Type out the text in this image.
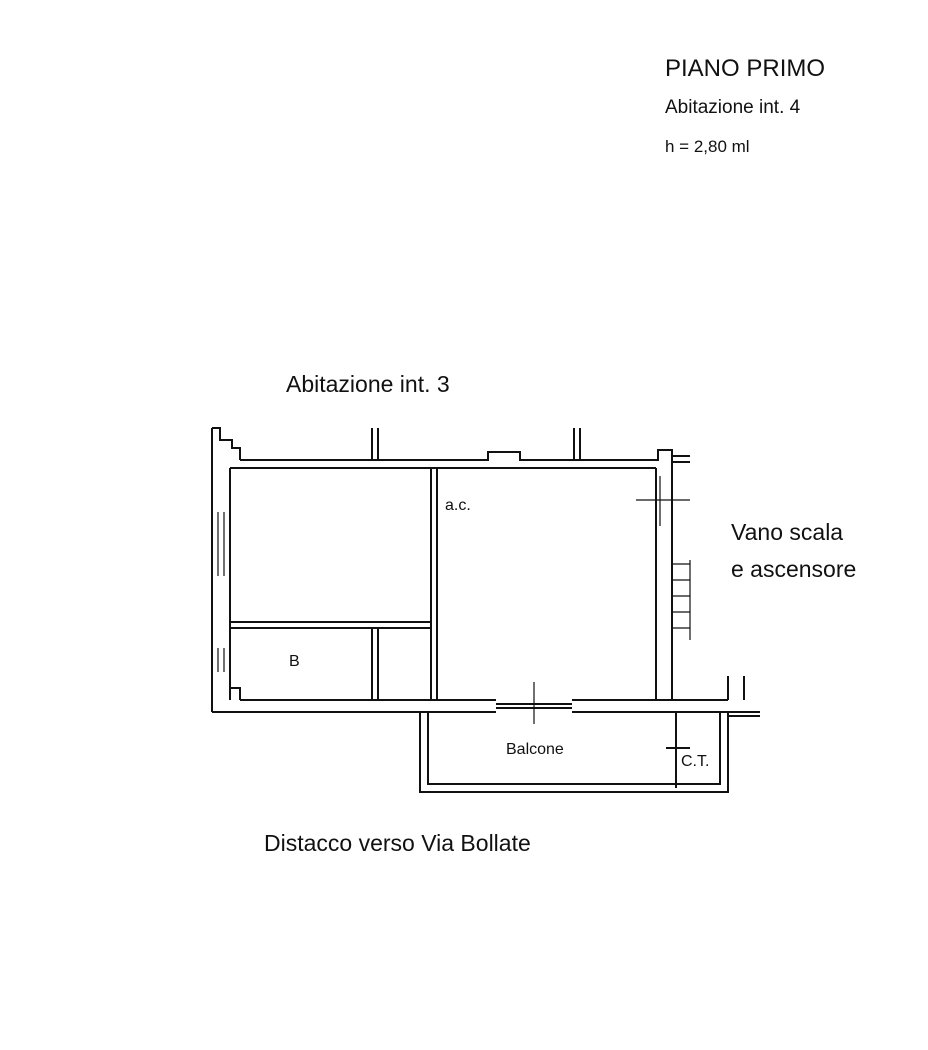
PIANO PRIMO
Abitazione int. 4
h = 2,80 ml
Abitazione int. 3
Vano scala
e ascensore
Distacco verso Via Bollate
a.c.
B
Balcone
C.T.
